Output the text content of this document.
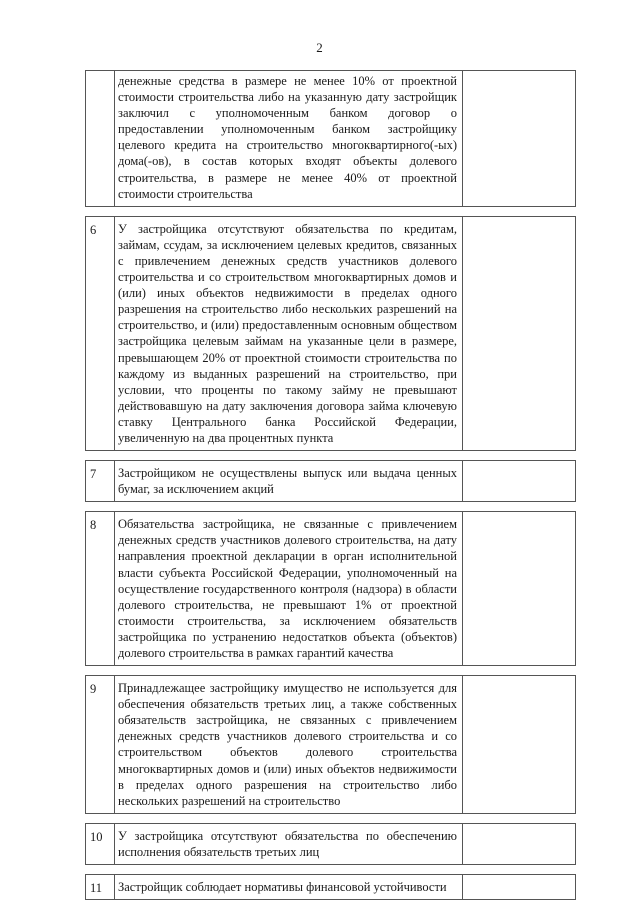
2

	денежные средства в размере не менее 10% от проектной стоимости строительства либо на указанную дату застройщик заключил с уполномоченным банком договор о предоставлении уполномоченным банком застройщику целевого кредита на строительство многоквартирного(-ых) дома(-ов), в состав которых входят объекты долевого строительства, в размере не менее 40% от проектной стоимости строительства	

6	У застройщика отсутствуют обязательства по кредитам, займам, ссудам, за исключением целевых кредитов, связанных с привлечением денежных средств участников долевого строительства и со строительством многоквартирных домов и (или) иных объектов недвижимости в пределах одного разрешения на строительство либо нескольких разрешений на строительство, и (или) предоставленным основным обществом застройщика целевым займам на указанные цели в размере, превышающем 20% от проектной стоимости строительства по каждому из выданных разрешений на строительство, при условии, что проценты по такому займу не превышают действовавшую на дату заключения договора займа ключевую ставку Центрального банка Российской Федерации, увеличенную на два процентных пункта	

7	Застройщиком не осуществлены выпуск или выдача ценных бумаг, за исключением акций	

8	Обязательства застройщика, не связанные с привлечением денежных средств участников долевого строительства, на дату направления проектной декларации в орган исполнительной власти субъекта Российской Федерации, уполномоченный на осуществление государственного контроля (надзора) в области долевого строительства, не превышают 1% от проектной стоимости строительства, за исключением обязательств застройщика по устранению недостатков объекта (объектов) долевого строительства в рамках гарантий качества	

9	Принадлежащее застройщику имущество не используется для обеспечения обязательств третьих лиц, а также собственных обязательств застройщика, не связанных с привлечением денежных средств участников долевого строительства и со строительством объектов долевого строительства многоквартирных домов и (или) иных объектов недвижимости в пределах одного разрешения на строительство либо нескольких разрешений на строительство	

10	У застройщика отсутствуют обязательства по обеспечению исполнения обязательств третьих лиц	

11	Застройщик соблюдает нормативы финансовой устойчивости	
